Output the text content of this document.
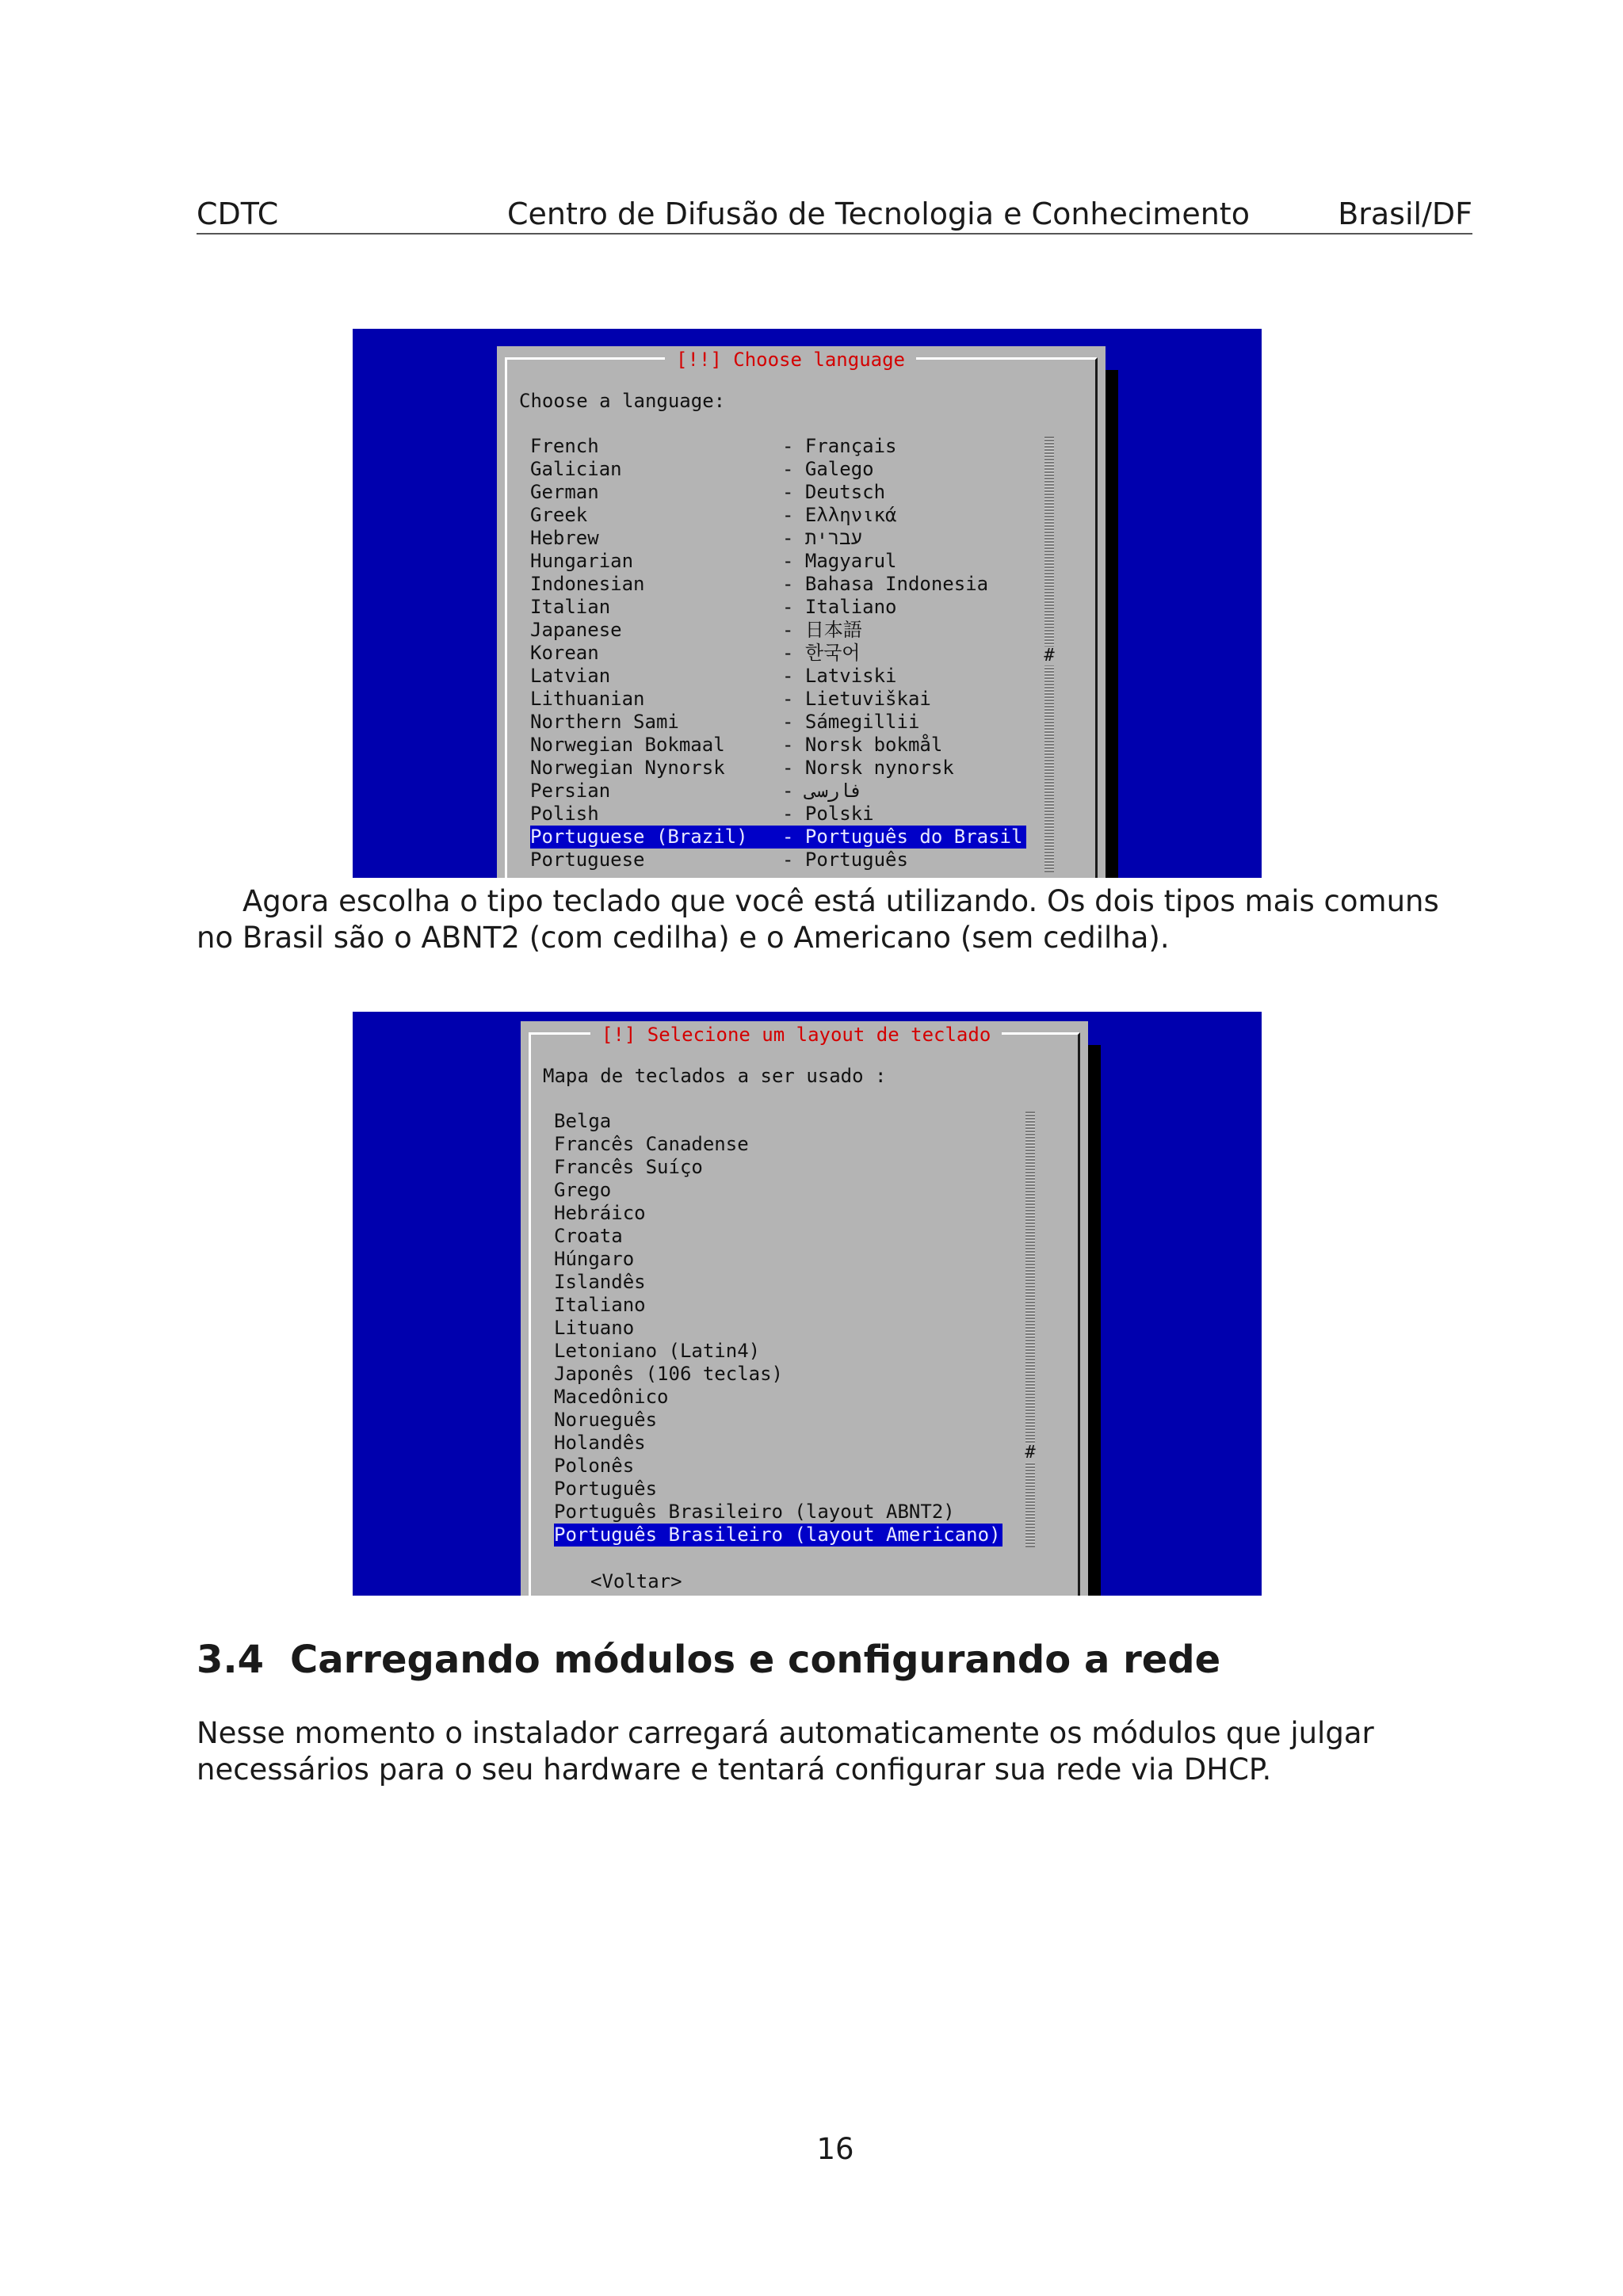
CDTC	Centro de Difusão de Tecnologia e Conhecimento	Brasil/DF
[!!] Choose language
Choose a language:
French	- Français
Galician	- Galego
German	- Deutsch
Greek	- Ελληνικά
Hebrew	- עברית
Hungarian	- Magyarul
Indonesian	- Bahasa Indonesia
Italian	- Italiano
Japanese	- 日本語
Korean	- 한국어
Latvian	- Latviski
Lithuanian	- Lietuviškai
Northern Sami	- Sámegillii
Norwegian Bokmaal	- Norsk bokmål
Norwegian Nynorsk	- Norsk nynorsk
Persian	- فارسی
Polish	- Polski
Portuguese (Brazil) - Português do Brasil
Portuguese	- Português
#

Agora escolha o tipo teclado que você está utilizando. Os dois tipos mais comuns no Brasil são o ABNT2 (com cedilha) e o Americano (sem cedilha).

[!] Selecione um layout de teclado
Mapa de teclados a ser usado :
Belga
Francês Canadense
Francês Suíço
Grego
Hebráico
Croata
Húngaro
Islandês
Italiano
Lituano
Letoniano (Latin4)
Japonês (106 teclas)
Macedônico
Norueguês
Holandês
Polonês
Português
Português Brasileiro (layout ABNT2)
Português Brasileiro (layout Americano)
#
<Voltar>
3.4 Carregando módulos e configurando a rede

Nesse momento o instalador carregará automaticamente os módulos que julgar necessários para o seu hardware e tentará configurar sua rede via DHCP.

16
